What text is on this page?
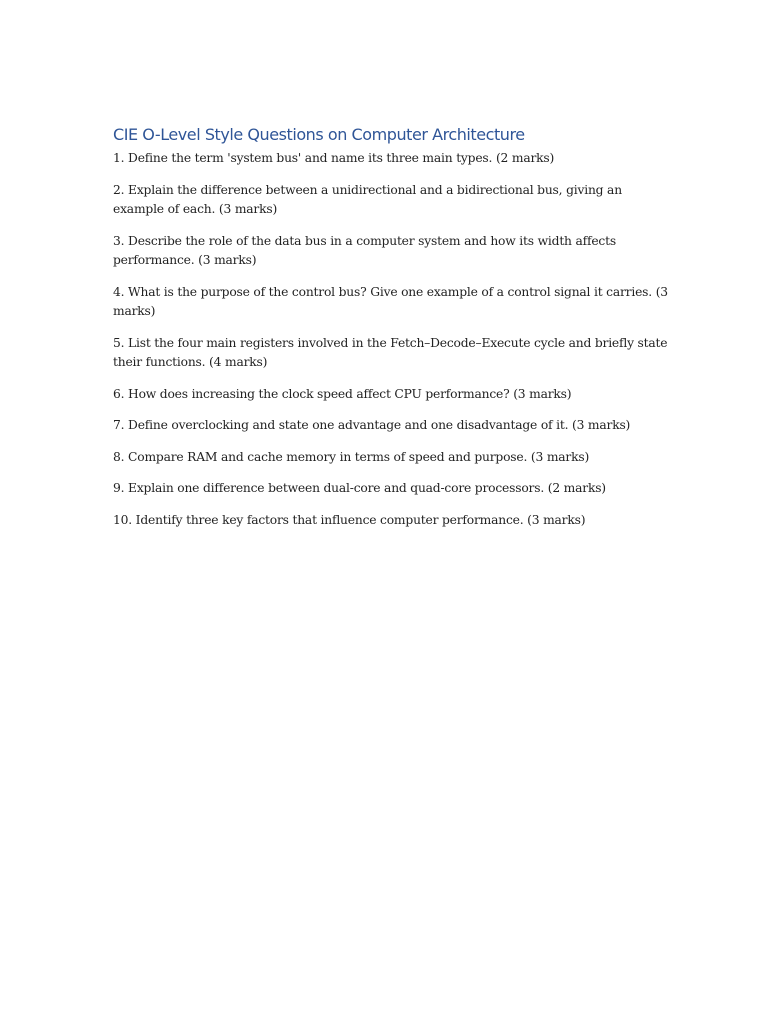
CIE O-Level Style Questions on Computer Architecture

1. Define the term 'system bus' and name its three main types. (2 marks)

2. Explain the difference between a unidirectional and a bidirectional bus, giving an example of each. (3 marks)

3. Describe the role of the data bus in a computer system and how its width affects performance. (3 marks)

4. What is the purpose of the control bus? Give one example of a control signal it carries. (3 marks)

5. List the four main registers involved in the Fetch–Decode–Execute cycle and briefly state their functions. (4 marks)

6. How does increasing the clock speed affect CPU performance? (3 marks)

7. Define overclocking and state one advantage and one disadvantage of it. (3 marks)

8. Compare RAM and cache memory in terms of speed and purpose. (3 marks)

9. Explain one difference between dual-core and quad-core processors. (2 marks)

10. Identify three key factors that influence computer performance. (3 marks)
